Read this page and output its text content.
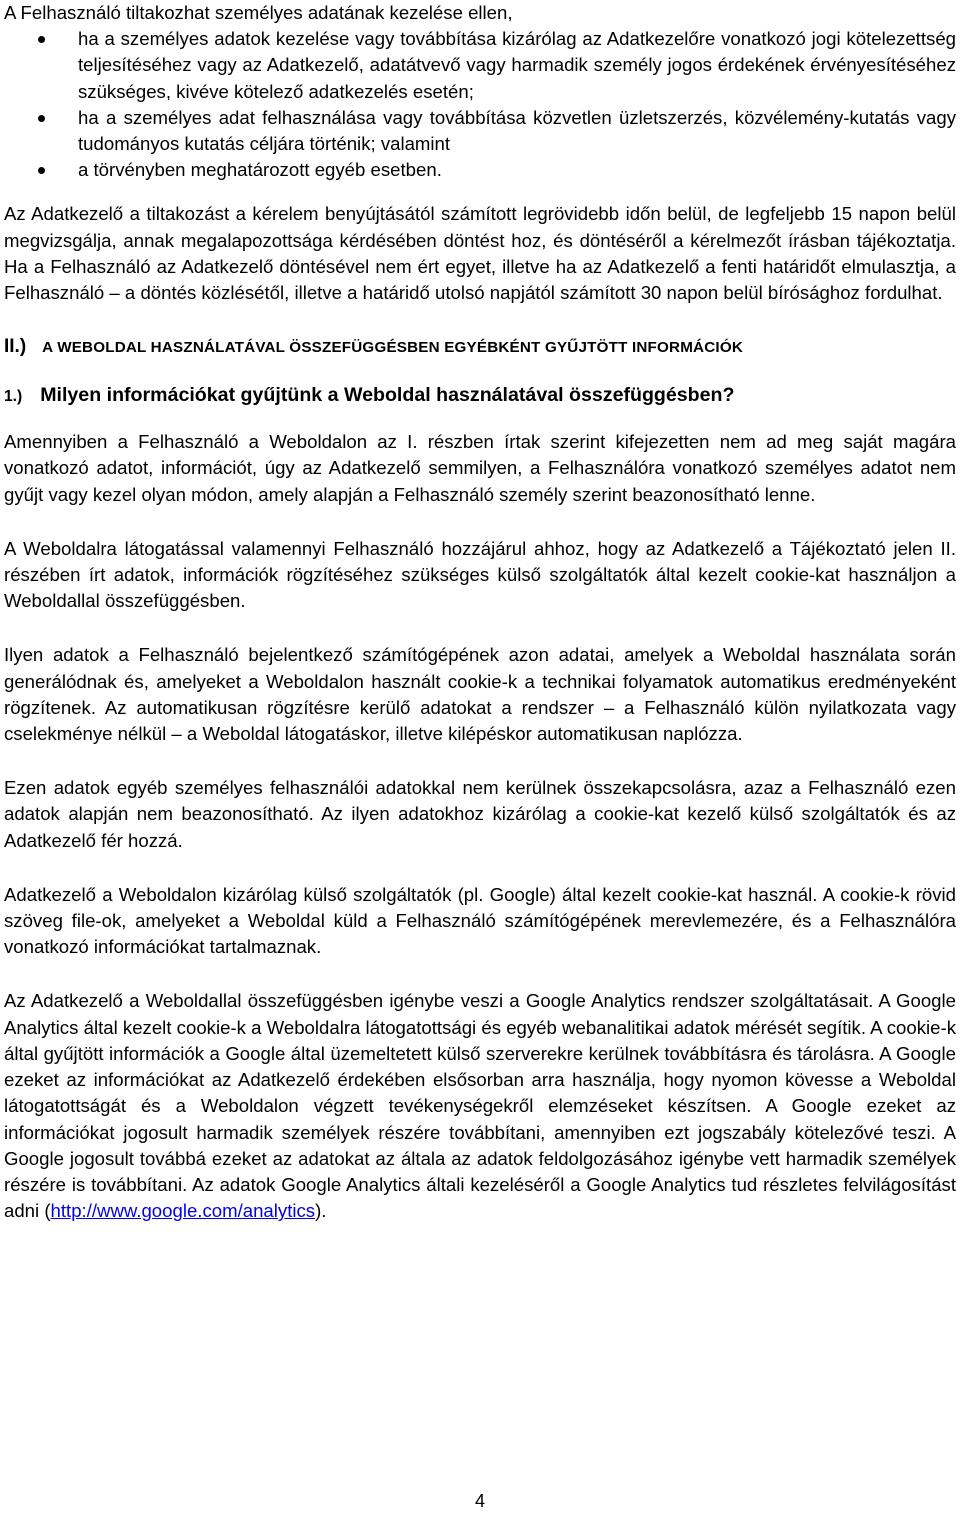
A Felhasználó tiltakozhat személyes adatának kezelése ellen,

ha a személyes adatok kezelése vagy továbbítása kizárólag az Adatkezelőre vonatkozó jogi kötelezettség teljesítéséhez vagy az Adatkezelő, adatátvevő vagy harmadik személy jogos érdekének érvényesítéséhez szükséges, kivéve kötelező adatkezelés esetén;
ha a személyes adat felhasználása vagy továbbítása közvetlen üzletszerzés, közvélemény-kutatás vagy tudományos kutatás céljára történik; valamint
a törvényben meghatározott egyéb esetben.

Az Adatkezelő a tiltakozást a kérelem benyújtásától számított legrövidebb időn belül, de legfeljebb 15 napon belül megvizsgálja, annak megalapozottsága kérdésében döntést hoz, és döntéséről a kérelmezőt írásban tájékoztatja. Ha a Felhasználó az Adatkezelő döntésével nem ért egyet, illetve ha az Adatkezelő a fenti határidőt elmulasztja, a Felhasználó – a döntés közlésétől, illetve a határidő utolsó napjától számított 30 napon belül bírósághoz fordulhat.

II.) A WEBOLDAL HASZNÁLATÁVAL ÖSSZEFÜGGÉSBEN EGYÉBKÉNT GYŰJTÖTT INFORMÁCIÓK

1.) Milyen információkat gyűjtünk a Weboldal használatával összefüggésben?

Amennyiben a Felhasználó a Weboldalon az I. részben írtak szerint kifejezetten nem ad meg saját magára vonatkozó adatot, információt, úgy az Adatkezelő semmilyen, a Felhasználóra vonatkozó személyes adatot nem gyűjt vagy kezel olyan módon, amely alapján a Felhasználó személy szerint beazonosítható lenne.

A Weboldalra látogatással valamennyi Felhasználó hozzájárul ahhoz, hogy az Adatkezelő a Tájékoztató jelen II. részében írt adatok, információk rögzítéséhez szükséges külső szolgáltatók által kezelt cookie-kat használjon a Weboldallal összefüggésben.

Ilyen adatok a Felhasználó bejelentkező számítógépének azon adatai, amelyek a Weboldal használata során generálódnak és, amelyeket a Weboldalon használt cookie-k a technikai folyamatok automatikus eredményeként rögzítenek. Az automatikusan rögzítésre kerülő adatokat a rendszer – a Felhasználó külön nyilatkozata vagy cselekménye nélkül – a Weboldal látogatáskor, illetve kilépéskor automatikusan naplózza.

Ezen adatok egyéb személyes felhasználói adatokkal nem kerülnek összekapcsolásra, azaz a Felhasználó ezen adatok alapján nem beazonosítható. Az ilyen adatokhoz kizárólag a cookie-kat kezelő külső szolgáltatók és az Adatkezelő fér hozzá.

Adatkezelő a Weboldalon kizárólag külső szolgáltatók (pl. Google) által kezelt cookie-kat használ. A cookie-k rövid szöveg file-ok, amelyeket a Weboldal küld a Felhasználó számítógépének merevlemezére, és a Felhasználóra vonatkozó információkat tartalmaznak.

Az Adatkezelő a Weboldallal összefüggésben igénybe veszi a Google Analytics rendszer szolgáltatásait. A Google Analytics által kezelt cookie-k a Weboldalra látogatottsági és egyéb webanalitikai adatok mérését segítik. A cookie-k által gyűjtött információk a Google által üzemeltetett külső szerverekre kerülnek továbbításra és tárolásra. A Google ezeket az információkat az Adatkezelő érdekében elsősorban arra használja, hogy nyomon kövesse a Weboldal látogatottságát és a Weboldalon végzett tevékenységekről elemzéseket készítsen. A Google ezeket az információkat jogosult harmadik személyek részére továbbítani, amennyiben ezt jogszabály kötelezővé teszi. A Google jogosult továbbá ezeket az adatokat az általa az adatok feldolgozásához igénybe vett harmadik személyek részére is továbbítani. Az adatok Google Analytics általi kezeléséről a Google Analytics tud részletes felvilágosítást adni (http://www.google.com/analytics).

4
